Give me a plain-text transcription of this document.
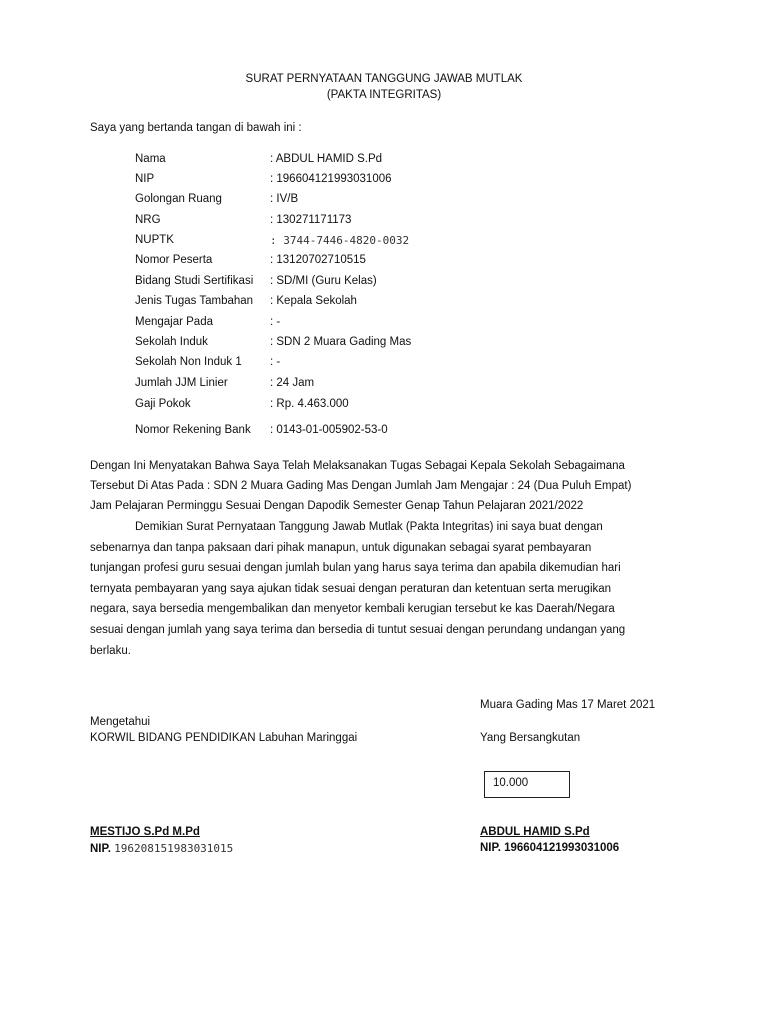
SURAT PERNYATAAN TANGGUNG JAWAB MUTLAK
(PAKTA INTEGRITAS)
Saya yang bertanda tangan di bawah ini :
Nama	: ABDUL HAMID S.Pd
NIP	: 196604121993031006
Golongan Ruang	: IV/B
NRG	: 130271171173
NUPTK	: 3744-7446-4820-0032
Nomor Peserta	: 13120702710515
Bidang Studi Sertifikasi : SD/MI (Guru Kelas)
Jenis Tugas Tambahan : Kepala Sekolah
Mengajar Pada	: -
Sekolah Induk	: SDN 2 Muara Gading Mas
Sekolah Non Induk 1 : -
Jumlah JJM Linier	: 24 Jam
Gaji Pokok	: Rp. 4.463.000
Nomor Rekening Bank : 0143-01-005902-53-0
Dengan Ini Menyatakan Bahwa Saya Telah Melaksanakan Tugas Sebagai Kepala Sekolah Sebagaimana
Tersebut Di Atas Pada : SDN 2 Muara Gading Mas Dengan Jumlah Jam Mengajar : 24 (Dua Puluh Empat)
Jam Pelajaran Perminggu Sesuai Dengan Dapodik Semester Genap Tahun Pelajaran 2021/2022
Demikian Surat Pernyataan Tanggung Jawab Mutlak (Pakta Integritas) ini saya buat dengan
sebenarnya dan tanpa paksaan dari pihak manapun, untuk digunakan sebagai syarat pembayaran
tunjangan profesi guru sesuai dengan jumlah bulan yang harus saya terima dan apabila dikemudian hari
ternyata pembayaran yang saya ajukan tidak sesuai dengan peraturan dan ketentuan serta merugikan
negara, saya bersedia mengembalikan dan menyetor kembali kerugian tersebut ke kas Daerah/Negara
sesuai dengan jumlah yang saya terima dan bersedia di tuntut sesuai dengan perundang undangan yang
berlaku.
Muara Gading Mas 17 Maret 2021
Mengetahui
KORWIL BIDANG PENDIDIKAN Labuhan Maringgai	Yang Bersangkutan
10.000
MESTIJO S.Pd M.Pd
NIP. 196208151983031015
ABDUL HAMID S.Pd
NIP. 196604121993031006
